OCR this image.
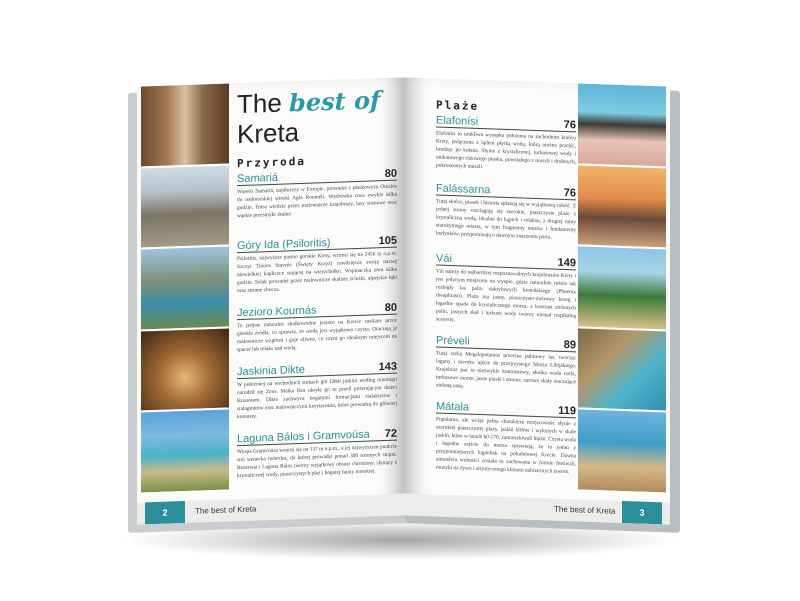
The best of
Kreta
Przyroda
Samariá	80
Wąwóz Samariá, najdłuższy w Europie, prowadzi z płaskowyżu Omalós do nadmorskiej wioski Agía Rouméli. Wędrówka trwa zwykle kilka godzin. Trasa wiedzie przez malownicze krajobrazy, lasy sosnowe oraz wąskie przesmyki skalne.
Góry Ida (Psiloritis)	105
Psiloritis, najwyższe pasmo górskie Krety, wznosi się na 2456 m n.p.m. Szczyt Timios Stavrós (Święty Krzyż) zawdzięcza swoją nazwę niewielkiej kapliczce stojącej na wierzchołku. Wspinaczka trwa kilka godzin. Szlak prowadzi przez malownicze skaliste ścieżki, alpejskie łąki oraz strome zbocza.
Jezioro Kournás	80
To jedyne naturalne słodkowodne jezioro na Krecie zasilane przez górskie źródła, co sprawia, że woda jest wyjątkowo czysta. Otaczają je malownicze wzgórza i gaje oliwne, co czyni go idealnym miejscem na spacer lub relaks nad wodą.
Jaskinia Dikte	143
W położonej na wschodnich stokach gór Dikti jaskini według mitologii narodził się Zeus. Matka Rea ukryła go tu przed pożerającym dzieci Kronosem. Dikte zachwyca bogatymi formacjami stalaktytów i stalagmitów oraz malowniczymi korytarzami, które prowadzą do głównej komnaty.
Laguna Bálos i Gramvoúsa 72
Wyspa Gramvoúsa wznosi się na 137 m n.p.m., a jej najwyższym punkcie stoi wenecka twierdza, do której prowadzi ponad 300 stromych stopni. Rezerwat i Laguna Bálos tworzy wyjątkowy obszar chroniony, słynący z krystalicznej wody, piaszczystych plaż i bogatej fauny morskiej.
2	The best of Kreta
Plaże
Elafonísi	76
Elafonísi to urokliwa wysepka położona na zachodnim krańcu Krety, połączona z lądem płytką wodą, którą można przejść, brodząc po kolana. Słynie z krystalicznej, turkusowej wody i unikatowego różowego piasku, powstałego z muszli i drobnych, pokruszonych muszli.
Falássarna	76
Tutaj słońce, piasek i historia splatają się w wyjątkową całość. Z jednej strony rozciągają się szerokie, piaszczyste plaże z krystaliczną wodą, idealne do kąpieli i relaksu, z drugiej ruiny starożytnego miasta, w tym fragmenty murów i fundamenty budynków, przypominają o dawnym znaczeniu portu.
Vái	149
Vái należy do najbardziej rozpoznawalnych krajobrazów Krety i jest jedynym miejscem na wyspie, gdzie naturalnie rośnie tak rozległy las palm daktylowych kreteńskiego (Phoenix theophrasti). Plaża ma jasny, piaszczysto-żwirowy brzeg i łagodne opada do krystalicznego morza, a kontrast zielonych palm, jasnych skał i turkusu wody tworzy niemal tropikalną scenerię.
Préveli	89
Tutaj rzeka Megalopotamos przecina palmowy las, tworząc laguny i szeroko ujście do przejrzystego Morza Libijskiego. Krajobraz jest to niezwykle kontrastowy, słodka woda rzeki, turkusowe morze, jasne piaski i strome, surowe skały otaczające zieloną oazę.
Mátala	119
Popularna, ale wciąż pełna charakteru miejscowość słynie z szerokiej piaszczystej plaży, jaskiń klifów i wykutych w skale jaskiń, które w latach 60-170. zamieszkiwali hipisi. Czysta woda i łagodne zejście do morza sprawiają, że to jedno z przyjemniejszych kąpielisk na południowej Krecie. Dawna atmosfera wolności została tu zachowana w formie festiwali, muzyki na żywo i artystycznego klimatu nabrzeżnych tawern.
The best of Kreta	3
